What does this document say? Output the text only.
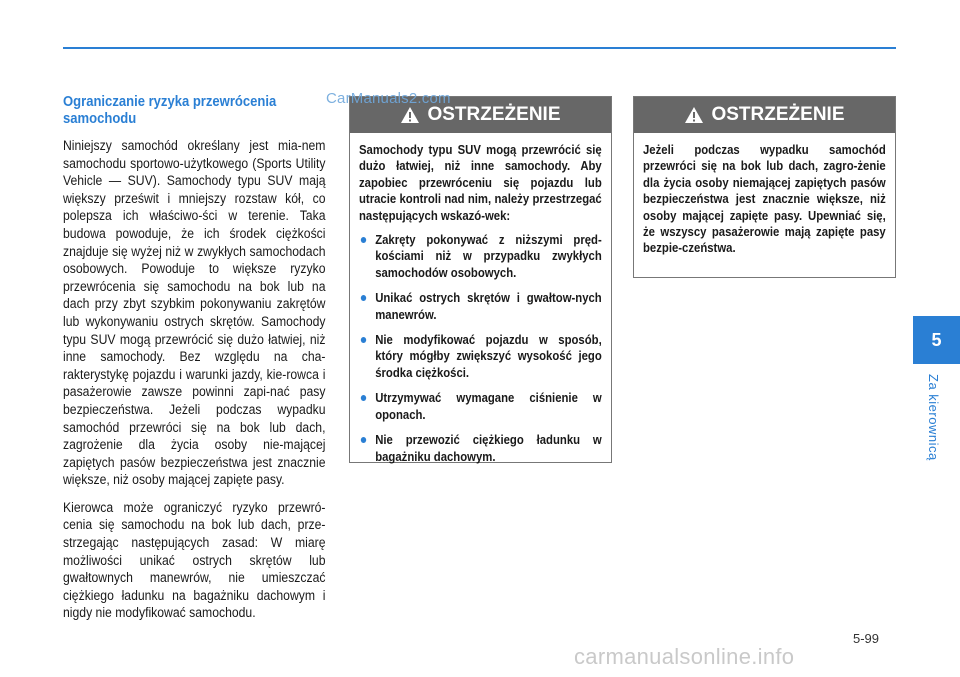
Ograniczanie ryzyka przewrócenia samochodu

Niniejszy samochód określany jest mia-nem samochodu sportowo-użytkowego (Sports Utility Vehicle — SUV). Samochody typu SUV mają większy prześwit i mniejszy rozstaw kół, co polepsza ich właściwo-ści w terenie. Taka budowa powoduje, że ich środek ciężkości znajduje się wyżej niż w zwykłych samochodach osobowych. Powoduje to większe ryzyko przewrócenia się samochodu na bok lub na dach przy zbyt szybkim pokonywaniu zakrętów lub wykonywaniu ostrych skrętów. Samochody typu SUV mogą przewrócić się dużo łatwiej, niż inne samochody. Bez względu na cha-rakterystykę pojazdu i warunki jazdy, kie-rowca i pasażerowie zawsze powinni zapi-nać pasy bezpieczeństwa. Jeżeli podczas wypadku samochód przewróci się na bok lub dach, zagrożenie dla życia osoby nie-mającej zapiętych pasów bezpieczeństwa jest znacznie większe, niż osoby mającej zapięte pasy.

Kierowca może ograniczyć ryzyko przewró-cenia się samochodu na bok lub dach, prze-strzegając następujących zasad: W miarę możliwości unikać ostrych skrętów lub gwałtownych manewrów, nie umieszczać ciężkiego ładunku na bagażniku dachowym i nigdy nie modyfikować samochodu.

OSTRZEŻENIE

Samochody typu SUV mogą przewrócić się dużo łatwiej, niż inne samochody. Aby zapobiec przewróceniu się pojazdu lub utracie kontroli nad nim, należy przestrzegać następujących wskazó-wek:

Zakręty pokonywać z niższymi pręd-kościami niż w przypadku zwykłych samochodów osobowych.
Unikać ostrych skrętów i gwałtow-nych manewrów.
Nie modyfikować pojazdu w sposób, który mógłby zwiększyć wysokość jego środka ciężkości.
Utrzymywać wymagane ciśnienie w oponach.
Nie przewozić ciężkiego ładunku w bagażniku dachowym.
OSTRZEŻENIE

Jeżeli podczas wypadku samochód przewróci się na bok lub dach, zagro-żenie dla życia osoby niemającej zapiętych pasów bezpieczeństwa jest znacznie większe, niż osoby mającej zapięte pasy. Upewniać się, że wszyscy pasażerowie mają zapięte pasy bezpie-czeństwa.

CarManuals2.com
5
Za kierownicą
5-99
carmanualsonline.info
